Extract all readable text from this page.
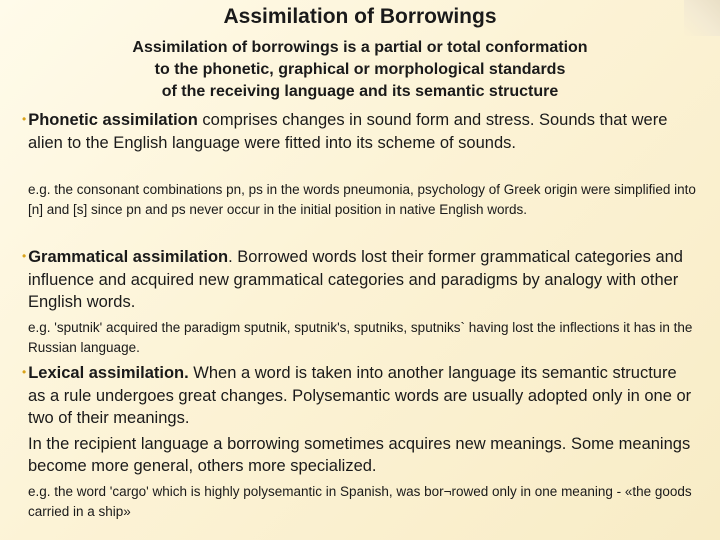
Assimilation of Borrowings
Assimilation of borrowings is a partial or total conformation
to the phonetic, graphical or morphological standards
of the receiving language and its semantic structure
• Phonetic assimilation comprises changes in sound form and stress. Sounds that were alien to the English language were fitted into its scheme of sounds.
e.g. the consonant combinations pn, ps in the words pneumonia, psychology of Greek origin were simplified into [n] and [s] since pn and ps never occur in the initial position in native English words.
• Grammatical assimilation. Borrowed words lost their former grammatical categories and influence and acquired new grammatical categories and paradigms by analogy with other English words.
e.g. 'sputnik' acquired the paradigm sputnik, sputnik's, sputniks, sputniks` having lost the inflections it has in the Russian language.
• Lexical assimilation. When a word is taken into another language its semantic structure as a rule undergoes great changes. Polysemantic words are usually adopted only in one or two of their meanings.
In the recipient language a borrowing sometimes acquires new meanings. Some meanings become more general, others more specialized.
e.g. the word 'cargo' which is highly polysemantic in Spanish, was bor¬rowed only in one meaning - «the goods carried in a ship»
